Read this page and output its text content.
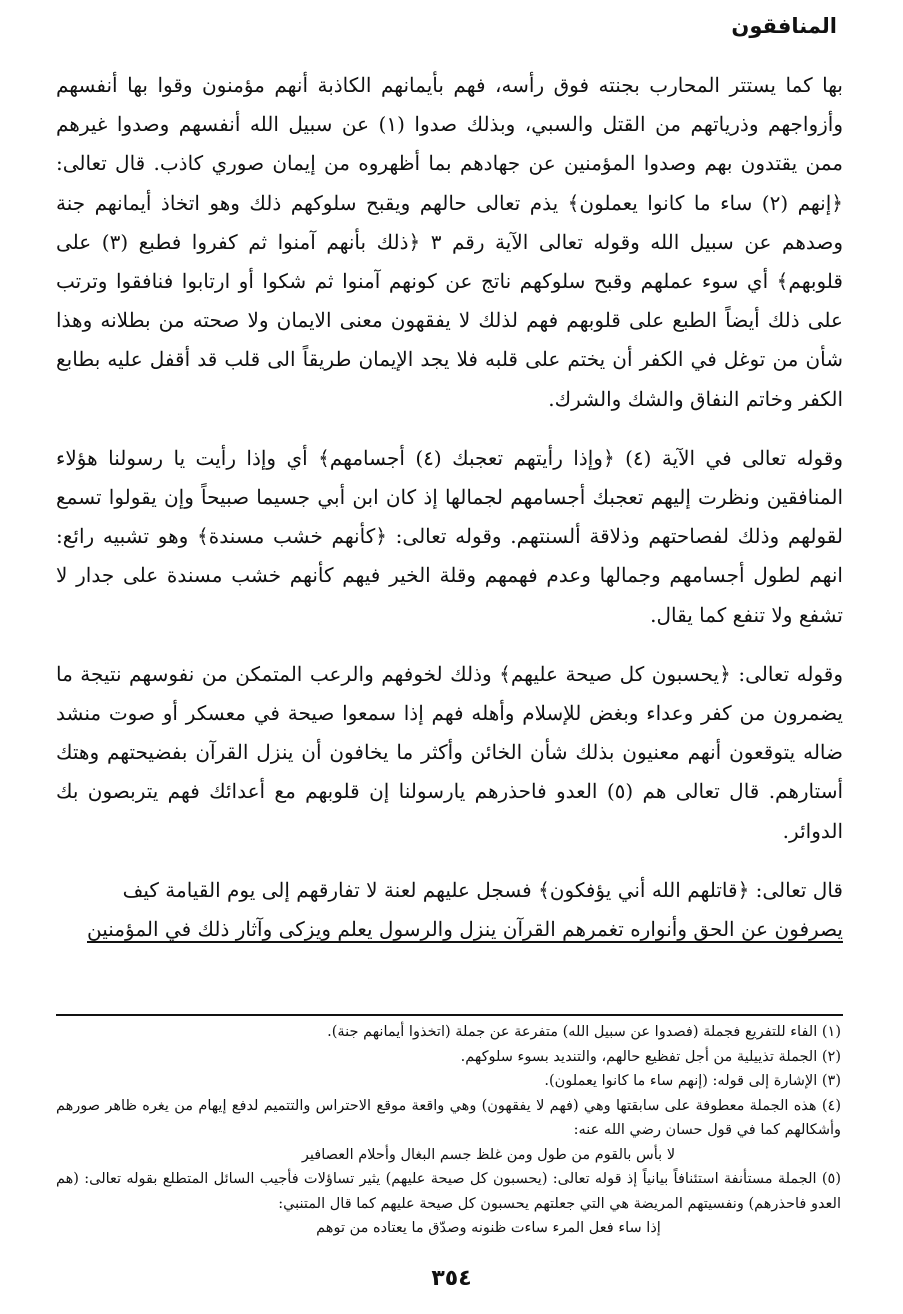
المنافقون

بها كما يستتر المحارب بجنته فوق رأسه، فهم بأيمانهم الكاذبة أنهم مؤمنون وقوا بها أنفسهم وأزواجهم وذرياتهم من القتل والسبي، وبذلك صدوا (١) عن سبيل الله أنفسهم وصدوا غيرهم ممن يقتدون بهم وصدوا المؤمنين عن جهادهم بما أظهروه من إيمان صوري كاذب. قال تعالى: ﴿إنهم (٢) ساء ما كانوا يعملون﴾ يذم تعالى حالهم ويقبح سلوكهم ذلك وهو اتخاذ أيمانهم جنة وصدهم عن سبيل الله وقوله تعالى الآية رقم ٣ ﴿ذلك بأنهم آمنوا ثم كفروا فطبع (٣) على قلوبهم﴾ أي سوء عملهم وقبح سلوكهم ناتج عن كونهم آمنوا ثم شكوا أو ارتابوا فنافقوا وترتب على ذلك أيضاً الطبع على قلوبهم فهم لذلك لا يفقهون معنى الايمان ولا صحته من بطلانه وهذا شأن من توغل في الكفر أن يختم على قلبه فلا يجد الإيمان طريقاً الى قلب قد أقفل عليه بطابع الكفر وخاتم النفاق والشك والشرك.

وقوله تعالى في الآية (٤) ﴿وإذا رأيتهم تعجبك (٤) أجسامهم﴾ أي وإذا رأيت يا رسولنا هؤلاء المنافقين ونظرت إليهم تعجبك أجسامهم لجمالها إذ كان ابن أبي جسيما صبيحاً وإن يقولوا تسمع لقولهم وذلك لفصاحتهم وذلاقة ألسنتهم. وقوله تعالى: ﴿كأنهم خشب مسندة﴾ وهو تشبيه رائع: انهم لطول أجسامهم وجمالها وعدم فهمهم وقلة الخير فيهم كأنهم خشب مسندة على جدار لا تشفع ولا تنفع كما يقال.

وقوله تعالى: ﴿يحسبون كل صيحة عليهم﴾ وذلك لخوفهم والرعب المتمكن من نفوسهم نتيجة ما يضمرون من كفر وعداء وبغض للإسلام وأهله فهم إذا سمعوا صيحة في معسكر أو صوت منشد ضاله يتوقعون أنهم معنيون بذلك شأن الخائن وأكثر ما يخافون أن ينزل القرآن بفضيحتهم وهتك أستارهم. قال تعالى هم (٥) العدو فاحذرهم يارسولنا إن قلوبهم مع أعدائك فهم يتربصون بك الدوائر.

قال تعالى: ﴿قاتلهم الله أني يؤفكون﴾ فسجل عليهم لعنة لا تفارقهم إلى يوم القيامة كيف

يصرفون عن الحق وأنواره تغمرهم القرآن ينزل والرسول يعلم ويزكى وآثار ذلك في المؤمنين

(١) الفاء للتفريع فجملة (فصدوا عن سبيل الله) متفرعة عن جملة (اتخذوا أيمانهم جنة).

(٢) الجملة تذييلية من أجل تفظيع حالهم، والتنديد بسوء سلوكهم.

(٣) الإشارة إلى قوله: (إنهم ساء ما كانوا يعملون).

(٤) هذه الجملة معطوفة على سابقتها وهي (فهم لا يفقهون) وهي واقعة موقع الاحتراس والتتميم لدفع إيهام من يغره ظاهر صورهم وأشكالهم كما في قول حسان رضي الله عنه:

لا بأس بالقوم من طول ومن غلظ جسم البغال وأحلام العصافير

(٥) الجملة مستأنفة استئنافاً بيانياً إذ قوله تعالى: (يحسبون كل صيحة عليهم) يثير تساؤلات فأجيب السائل المتطلع بقوله تعالى: (هم العدو فاحذرهم) ونفسيتهم المريضة هي التي جعلتهم يحسبون كل صيحة عليهم كما قال المتنبي:

إذا ساء فعل المرء ساءت ظنونه وصدّق ما يعتاده من توهم

٣٥٤
